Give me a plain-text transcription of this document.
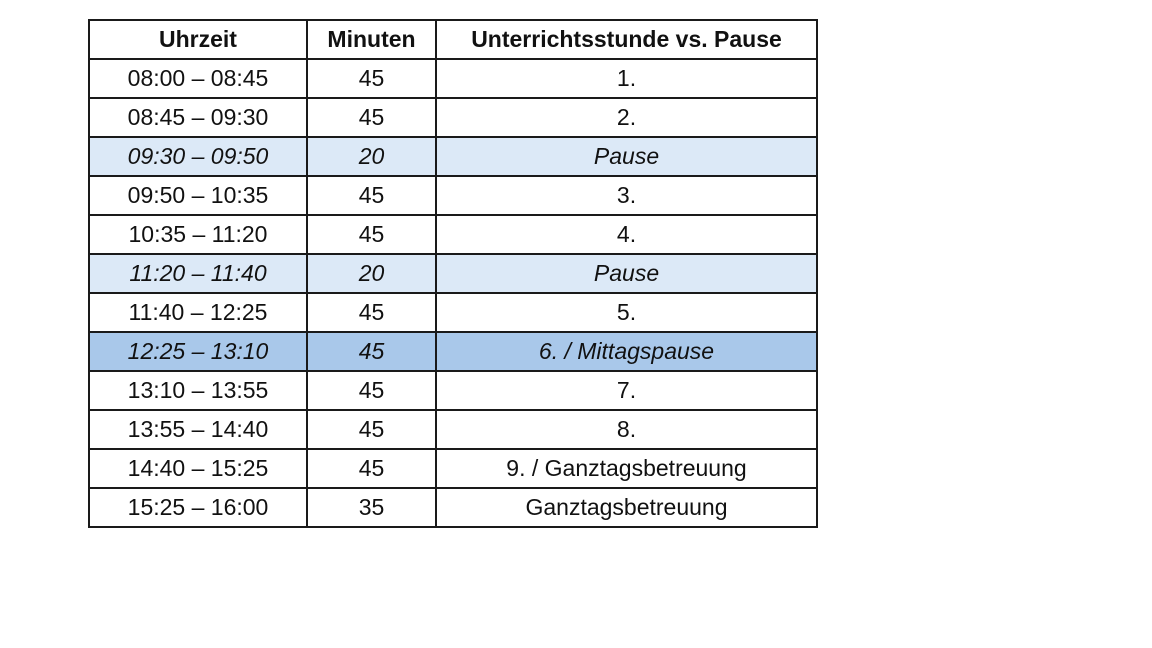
Uhrzeit	Minuten	Unterrichtsstunde vs. Pause
08:00 – 08:45	45	1.
08:45 – 09:30	45	2.
09:30 – 09:50	20	Pause
09:50 – 10:35	45	3.
10:35 – 11:20	45	4.
11:20 – 11:40	20	Pause
11:40 – 12:25	45	5.
12:25 – 13:10	45	6. / Mittagspause
13:10 – 13:55	45	7.
13:55 – 14:40	45	8.
14:40 – 15:25	45	9. / Ganztagsbetreuung
15:25 – 16:00	35	Ganztagsbetreuung
